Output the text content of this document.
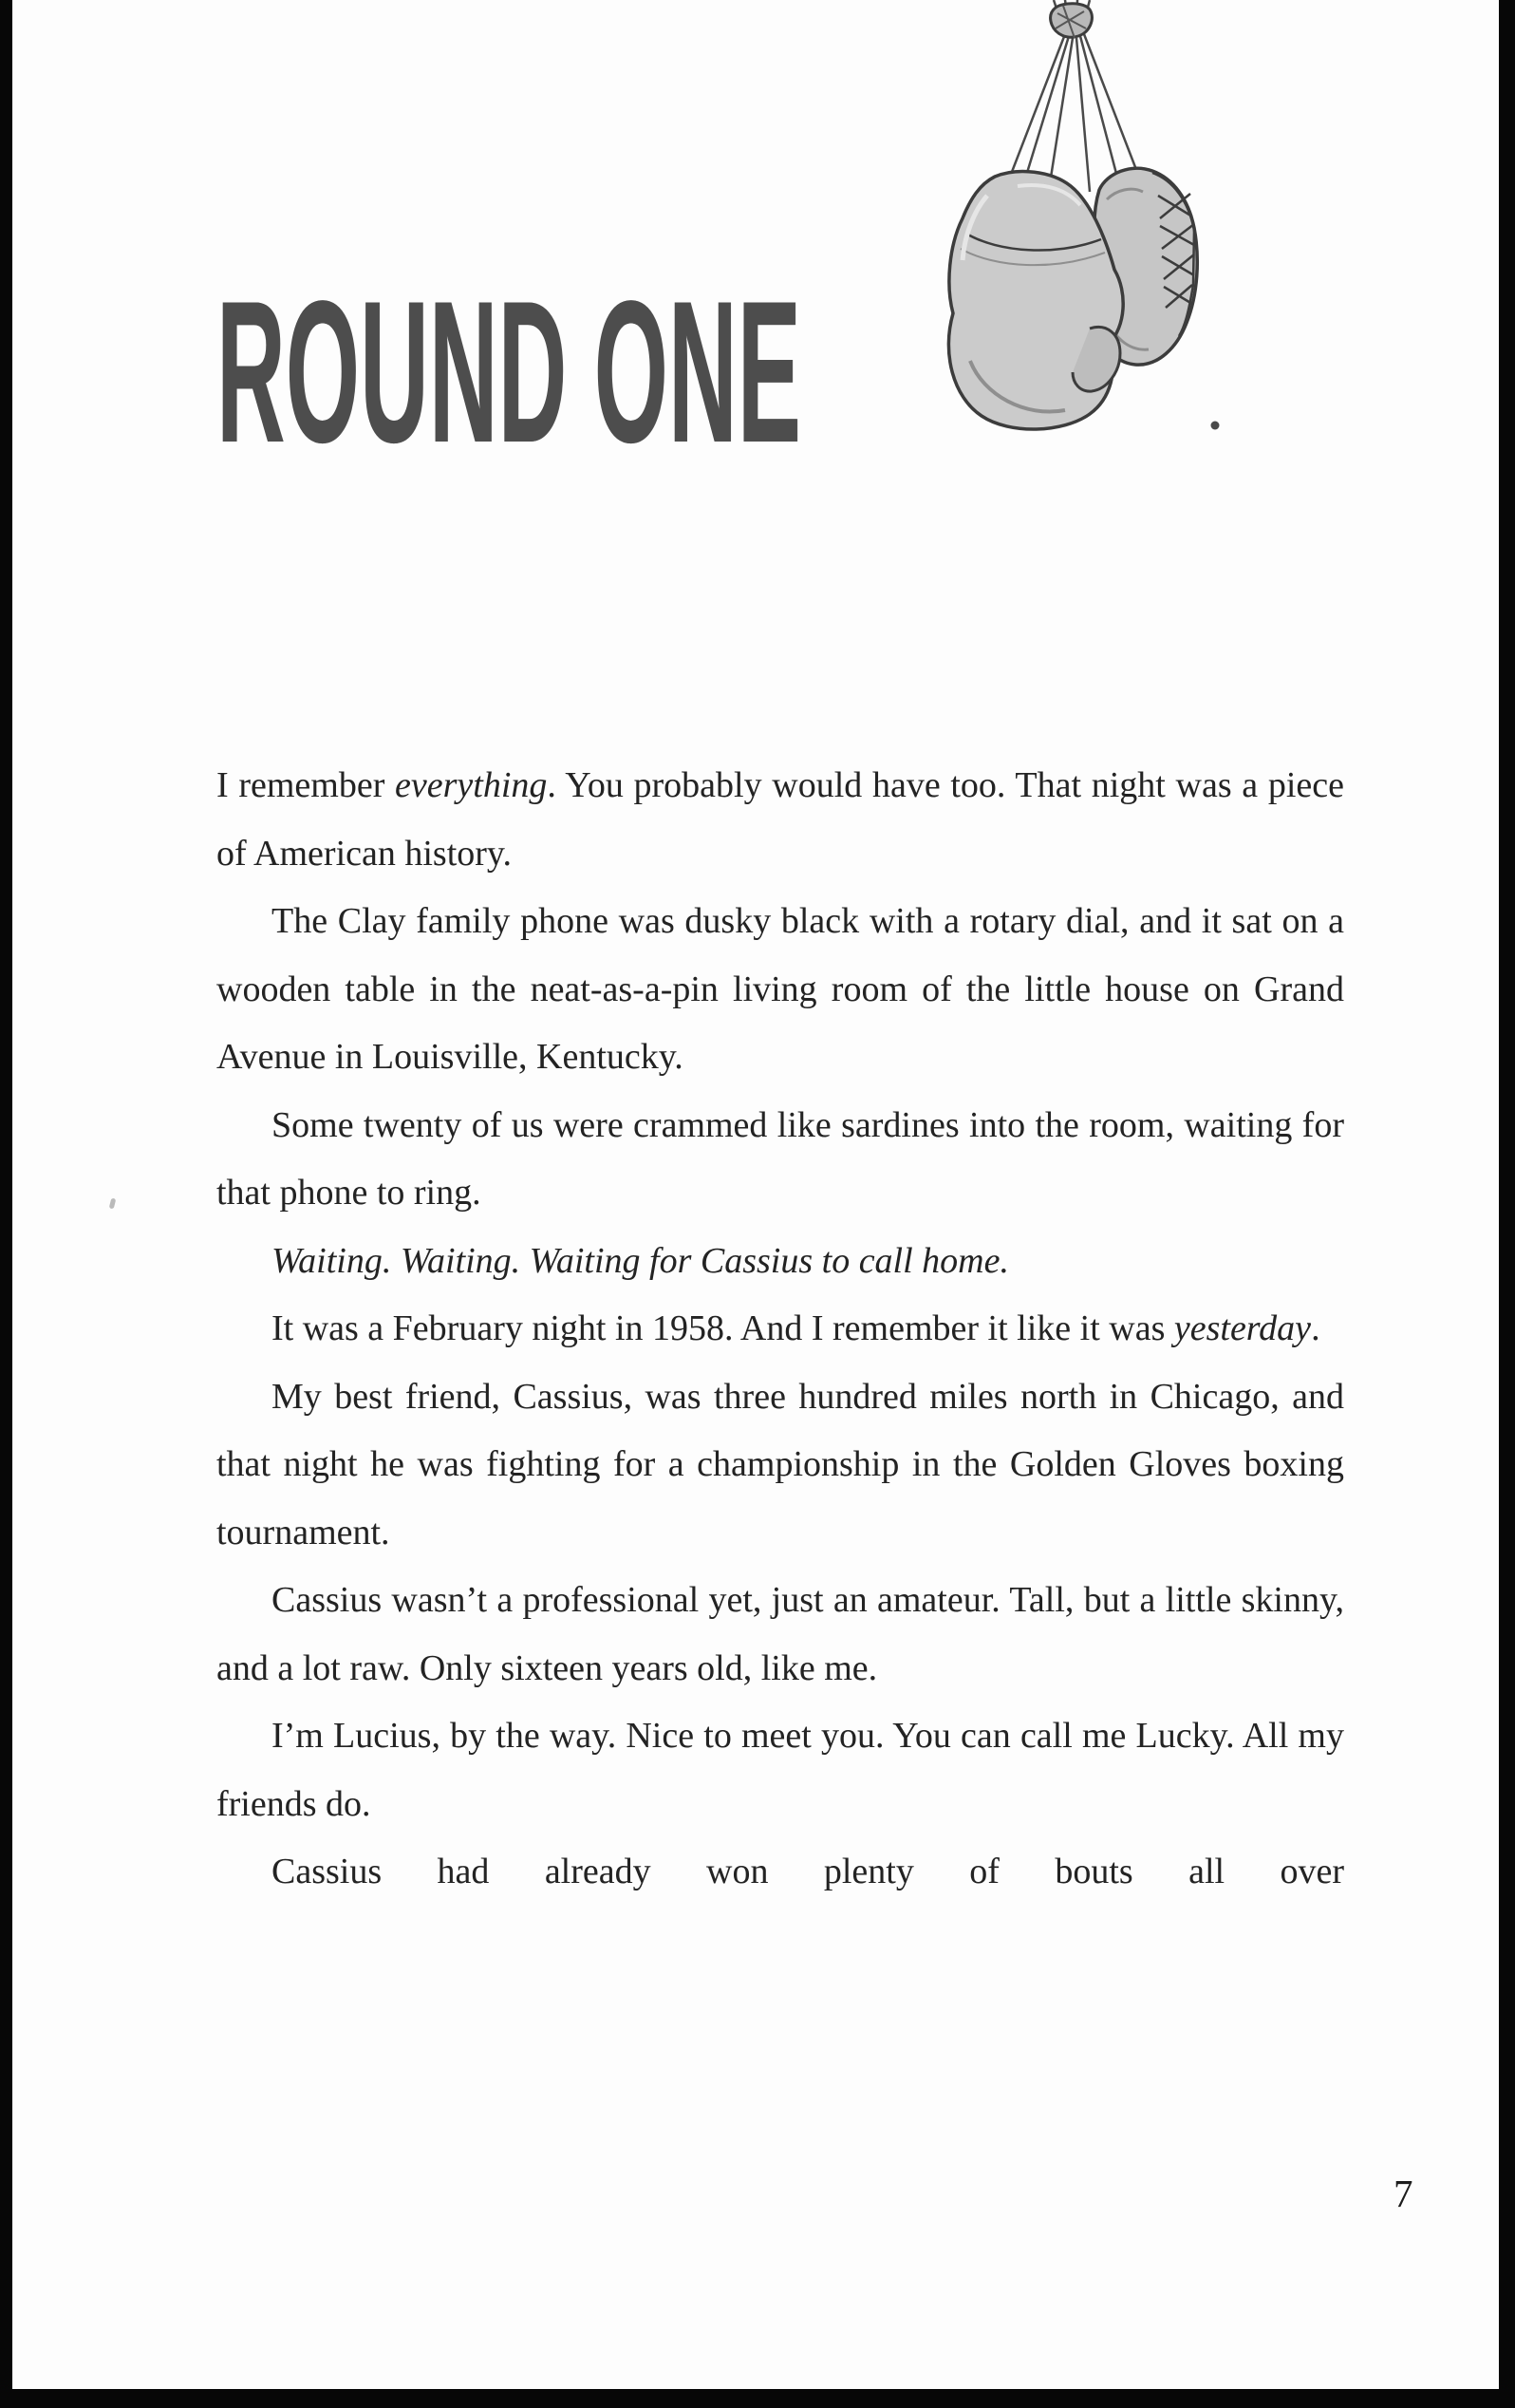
ROUND ONE

I remember everything. You probably would have too. That night was a piece of American history.

The Clay family phone was dusky black with a rotary dial, and it sat on a wooden table in the neat-as-a-pin living room of the little house on Grand Avenue in Louisville, Kentucky.

Some twenty of us were crammed like sardines into the room, waiting for that phone to ring.

Waiting. Waiting. Waiting for Cassius to call home.

It was a February night in 1958. And I remember it like it was yesterday.

My best friend, Cassius, was three hundred miles north in Chicago, and that night he was fighting for a championship in the Golden Gloves boxing tournament.

Cassius wasn’t a professional yet, just an amateur. Tall, but a little skinny, and a lot raw. Only sixteen years old, like me.

I’m Lucius, by the way. Nice to meet you. You can call me Lucky. All my friends do.

Cassius had already won plenty of bouts all over

7
